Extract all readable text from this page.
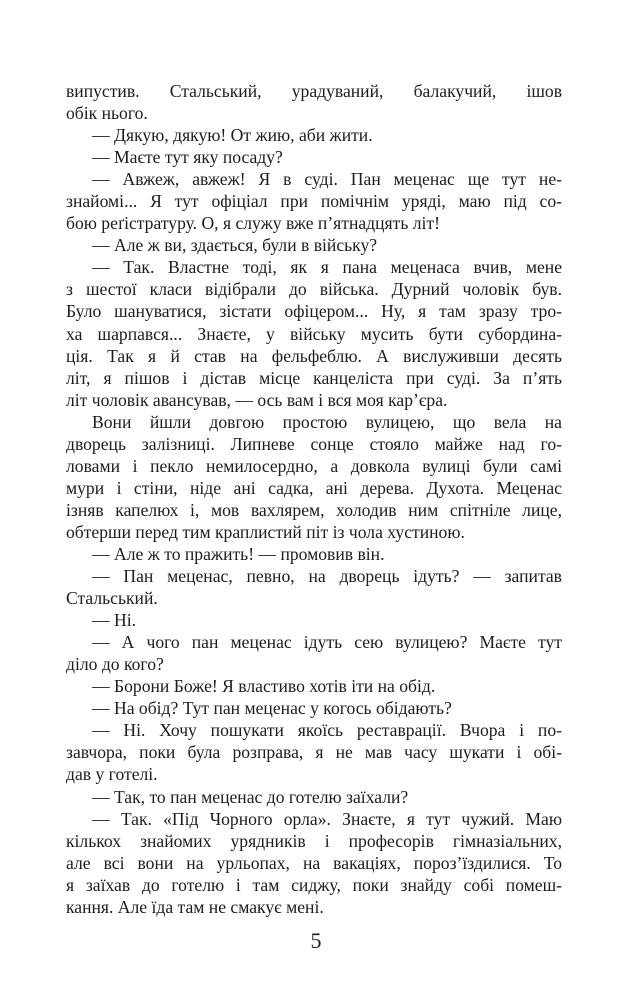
випустив. Стальський, урадуваний, балакучий, ішов
обік нього.
— Дякую, дякую! От жию, аби жити.
— Маєте тут яку посаду?
— Авжеж, авжеж! Я в суді. Пан меценас ще тут не-
знайомі... Я тут офіціал при помічнім уряді, маю під со-
бою реґістратуру. О, я служу вже п’ятнадцять літ!
— Але ж ви, здається, були в війську?
— Так. Властне тоді, як я пана меценаса вчив, мене
з шестої класи відібрали до війська. Дурний чоловік був.
Було шануватися, зістати офіцером... Ну, я там зразу тро-
ха шарпався... Знаєте, у війську мусить бути субордина-
ція. Так я й став на фельфеблю. А вислуживши десять
літ, я пішов і дістав місце канцеліста при суді. За п’ять
літ чоловік авансував, — ось вам і вся моя кар’єра.
Вони йшли довгою простою вулицею, що вела на
дворець залізниці. Липневе сонце стояло майже над го-
ловами і пекло немилосердно, а довкола вулиці були самі
мури і стіни, ніде ані садка, ані дерева. Духота. Меценас
ізняв капелюх і, мов вахлярем, холодив ним спітніле лице,
обтерши перед тим краплистий піт із чола хустиною.
— Але ж то пражить! — промовив він.
— Пан меценас, певно, на дворець ідуть? — запитав
Стальський.
— Ні.
— А чого пан меценас ідуть сею вулицею? Маєте тут
діло до кого?
— Борони Боже! Я властиво хотів іти на обід.
— На обід? Тут пан меценас у когось обідають?
— Ні. Хочу пошукати якоїсь реставрації. Вчора і по-
завчора, поки була розправа, я не мав часу шукати і обі-
дав у готелі.
— Так, то пан меценас до готелю заїхали?
— Так. «Під Чорного орла». Знаєте, я тут чужий. Маю
кількох знайомих урядників і професорів гімназіальних,
але всі вони на урльопах, на вакаціях, пороз’їздилися. То
я заїхав до готелю і там сиджу, поки знайду собі помеш-
кання. Але їда там не смакує мені.
5
